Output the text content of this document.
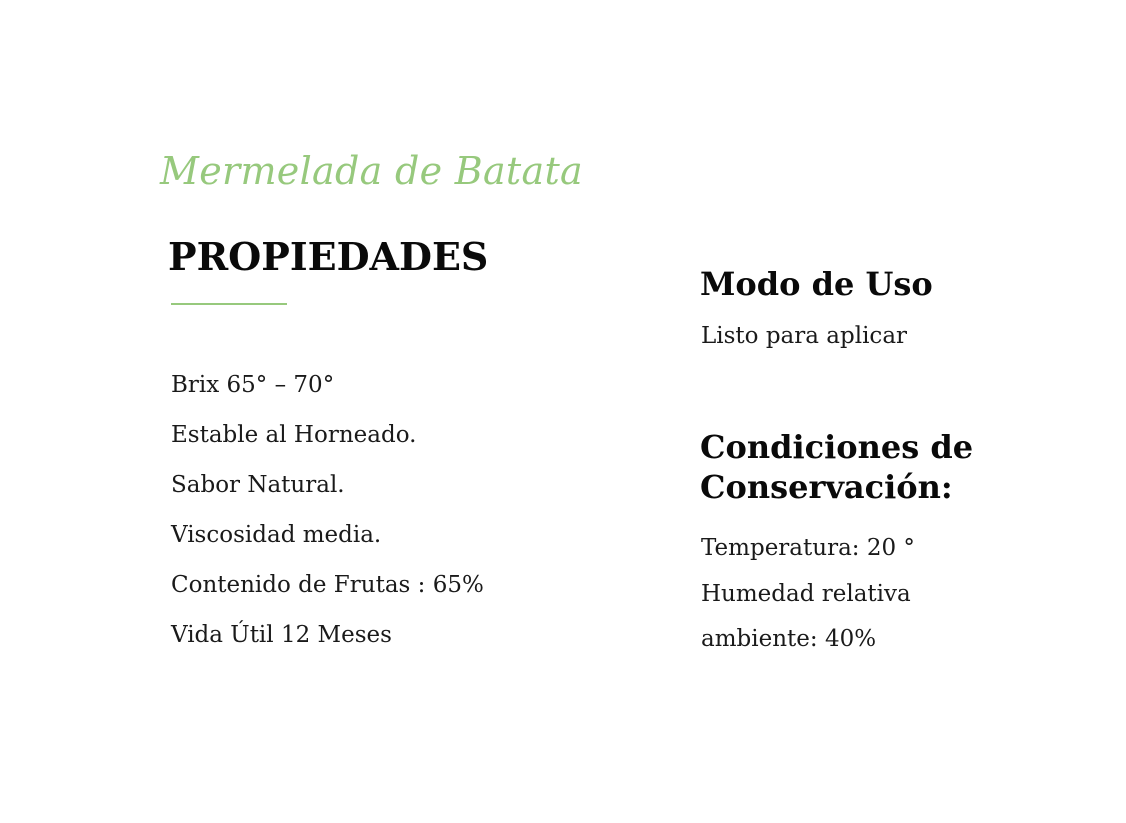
Mermelada de Batata
PROPIEDADES
Brix 65° – 70°
Estable al Horneado.
Sabor Natural.
Viscosidad media.
Contenido de Frutas : 65%
Vida Útil 12 Meses
Modo de Uso
Listo para aplicar
Condiciones de
Conservación:
Temperatura: 20 °
Humedad relativa
ambiente: 40%
